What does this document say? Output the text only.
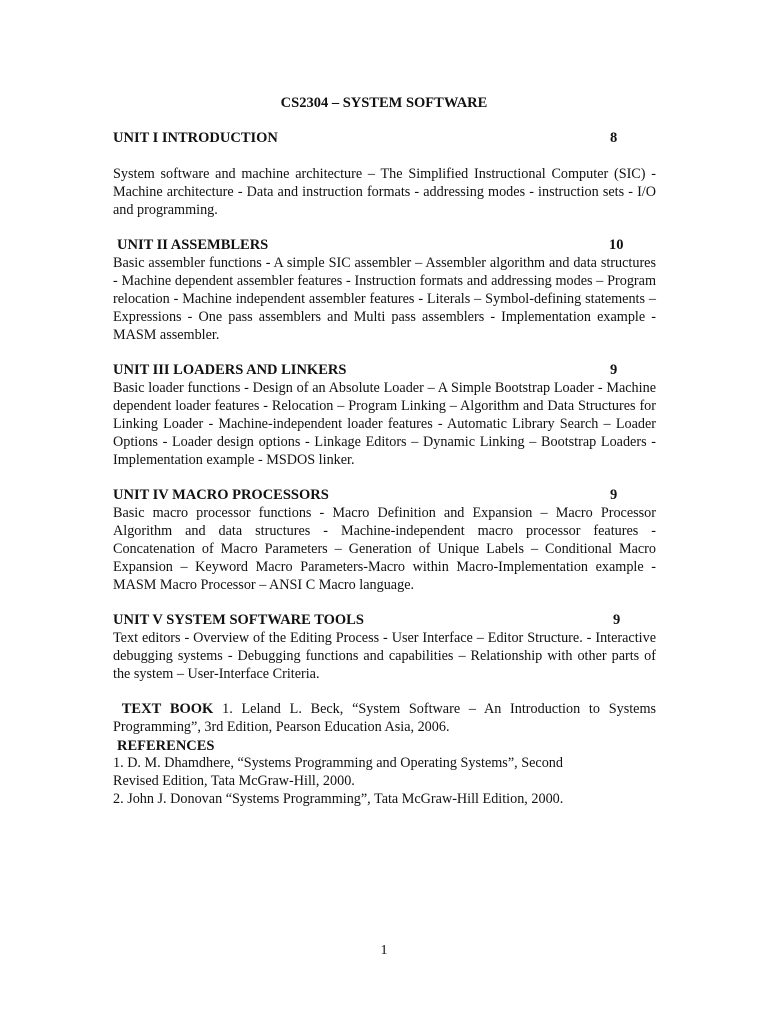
CS2304 – SYSTEM SOFTWARE
UNIT I INTRODUCTION	8
System software and machine architecture – The Simplified Instructional Computer (SIC) - Machine architecture - Data and instruction formats - addressing modes - instruction sets - I/O and programming.
UNIT II ASSEMBLERS	10
Basic assembler functions - A simple SIC assembler – Assembler algorithm and data structures - Machine dependent assembler features - Instruction formats and addressing modes – Program relocation - Machine independent assembler features - Literals – Symbol-defining statements – Expressions - One pass assemblers and Multi pass assemblers - Implementation example - MASM assembler.
UNIT III LOADERS AND LINKERS	9
Basic loader functions - Design of an Absolute Loader – A Simple Bootstrap Loader - Machine dependent loader features - Relocation – Program Linking – Algorithm and Data Structures for Linking Loader - Machine-independent loader features - Automatic Library Search – Loader Options - Loader design options - Linkage Editors – Dynamic Linking – Bootstrap Loaders - Implementation example - MSDOS linker.
UNIT IV MACRO PROCESSORS	9
Basic macro processor functions - Macro Definition and Expansion – Macro Processor Algorithm and data structures - Machine-independent macro processor features - Concatenation of Macro Parameters – Generation of Unique Labels – Conditional Macro Expansion – Keyword Macro Parameters-Macro within Macro-Implementation example - MASM Macro Processor – ANSI C Macro language.
UNIT V SYSTEM SOFTWARE TOOLS	9
Text editors - Overview of the Editing Process - User Interface – Editor Structure. - Interactive debugging systems - Debugging functions and capabilities – Relationship with other parts of the system – User-Interface Criteria.
TEXT BOOK 1. Leland L. Beck, “System Software – An Introduction to Systems Programming”, 3rd Edition, Pearson Education Asia, 2006.
REFERENCES
1. D. M. Dhamdhere, “Systems Programming and Operating Systems”, Second
Revised Edition, Tata McGraw-Hill, 2000.
2. John J. Donovan “Systems Programming”, Tata McGraw-Hill Edition, 2000.
1
